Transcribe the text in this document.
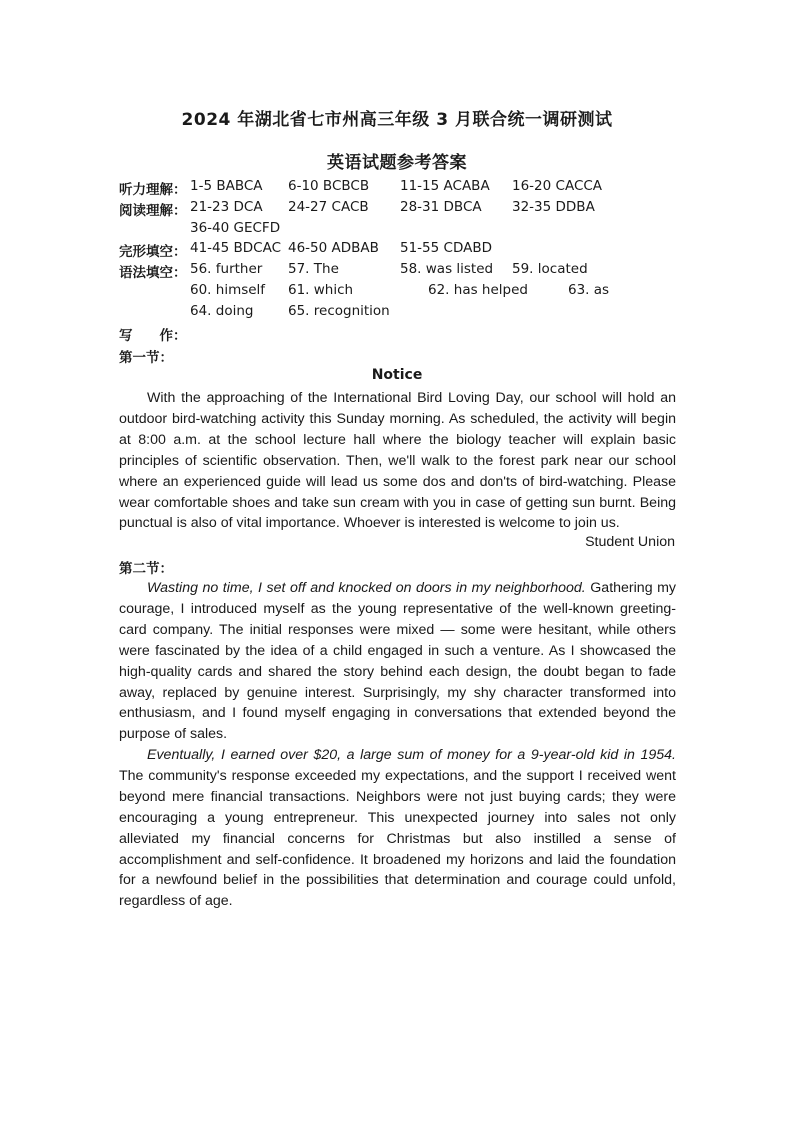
2024 年湖北省七市州高三年级 3 月联合统一调研测试
英语试题参考答案
听力理解： 1-5 BABCA 6-10 BCBCB 11-15 ACABA 16-20 CACCA
阅读理解： 21-23 DCA 24-27 CACB 28-31 DBCA 32-35 DDBA
36-40 GECFD
完形填空： 41-45 BDCAC 46-50 ADBAB 51-55 CDABD
语法填空： 56. further 57. The	58. was listed 59. located
60. himself 61. which	62. has helped	63. as
64. doing	65. recognition
写　　作：
第一节：
Notice

With the approaching of the International Bird Loving Day, our school will hold an outdoor bird-watching activity this Sunday morning. As scheduled, the activity will begin at 8:00 a.m. at the school lecture hall where the biology teacher will explain basic principles of scientific observation. Then, we'll walk to the forest park near our school where an experienced guide will lead us some dos and don'ts of bird-watching. Please wear comfortable shoes and take sun cream with you in case of getting sun burnt. Being punctual is also of vital importance. Whoever is interested is welcome to join us.

Student Union
第二节：

Wasting no time, I set off and knocked on doors in my neighborhood. Gathering my courage, I introduced myself as the young representative of the well-known greeting-card company. The initial responses were mixed — some were hesitant, while others were fascinated by the idea of a child engaged in such a venture. As I showcased the high-quality cards and shared the story behind each design, the doubt began to fade away, replaced by genuine interest. Surprisingly, my shy character transformed into enthusiasm, and I found myself engaging in conversations that extended beyond the purpose of sales.

Eventually, I earned over $20, a large sum of money for a 9-year-old kid in 1954. The community's response exceeded my expectations, and the support I received went beyond mere financial transactions. Neighbors were not just buying cards; they were encouraging a young entrepreneur. This unexpected journey into sales not only alleviated my financial concerns for Christmas but also instilled a sense of accomplishment and self-confidence. It broadened my horizons and laid the foundation for a newfound belief in the possibilities that determination and courage could unfold, regardless of age.
